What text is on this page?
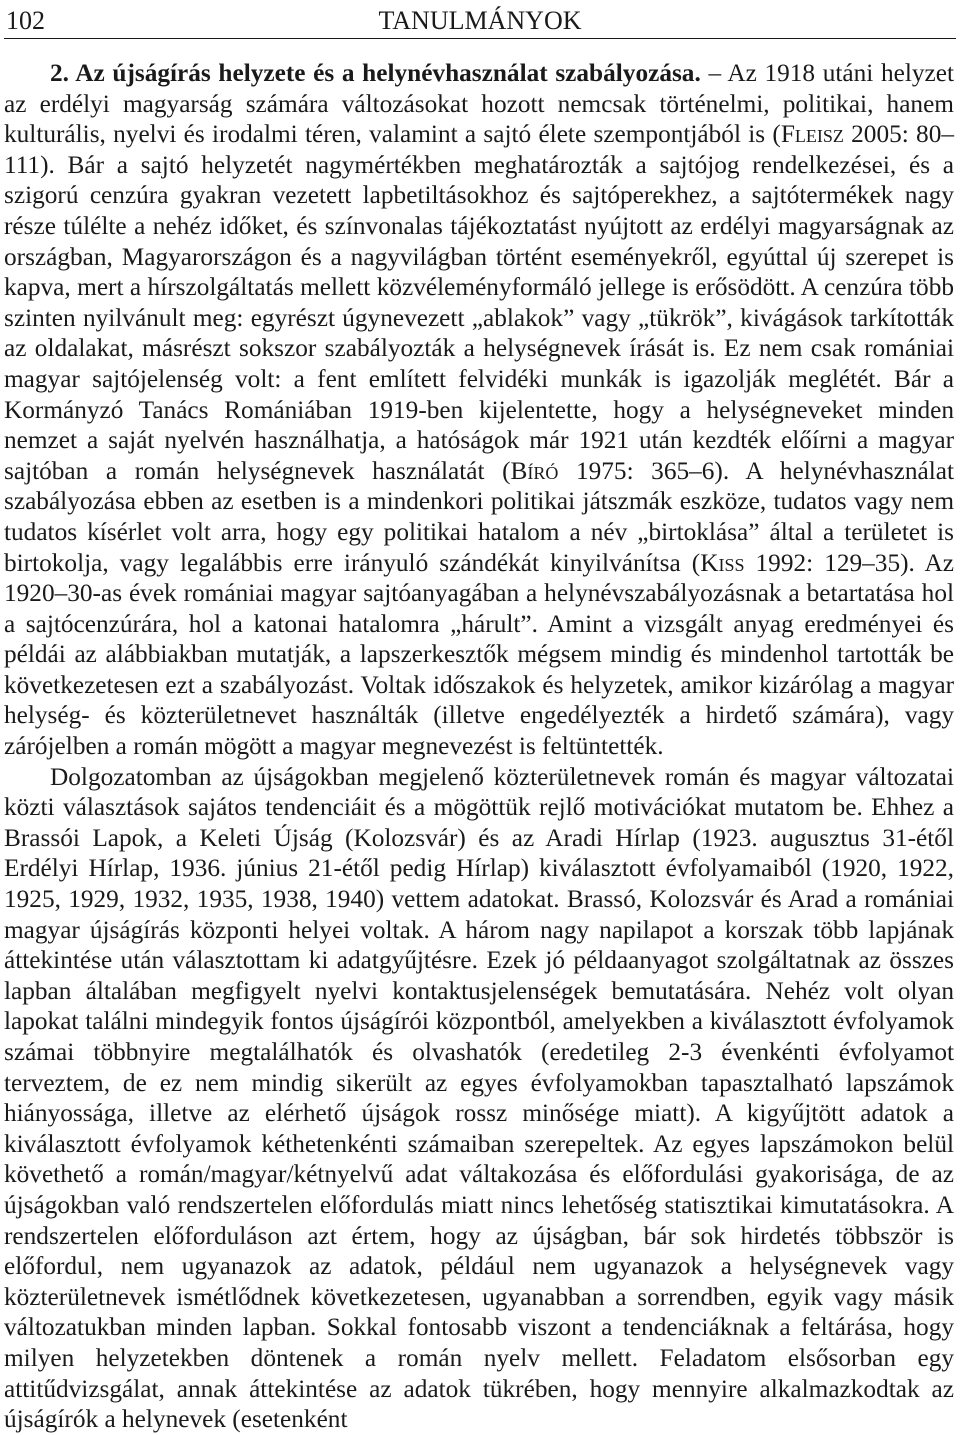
102	TANULMÁNYOK

2. Az újságírás helyzete és a helynévhasználat szabályozása. – Az 1918 utáni helyzet az erdélyi magyarság számára változásokat hozott nemcsak történelmi, politikai, hanem kulturális, nyelvi és irodalmi téren, valamint a sajtó élete szempontjából is (Fleisz 2005: 80–111). Bár a sajtó helyzetét nagymértékben meghatározták a sajtójog rendelkezései, és a szigorú cenzúra gyakran vezetett lapbetiltásokhoz és sajtóperekhez, a sajtótermékek nagy része túlélte a nehéz időket, és színvonalas tájékoztatást nyújtott az erdélyi magyarságnak az országban, Magyarországon és a nagyvilágban történt eseményekről, egyúttal új szerepet is kapva, mert a hírszolgáltatás mellett közvéleményformáló jellege is erősödött. A cenzúra több szinten nyilvánult meg: egyrészt úgynevezett „ablakok” vagy „tükrök”, kivágások tarkították az oldalakat, másrészt sokszor szabályozták a helységnevek írását is. Ez nem csak romániai magyar sajtójelenség volt: a fent említett felvidéki munkák is igazolják meglétét. Bár a Kormányzó Tanács Romániában 1919-ben kijelentette, hogy a helységneveket minden nemzet a saját nyelvén használhatja, a hatóságok már 1921 után kezdték előírni a magyar sajtóban a román helységnevek használatát (Bíró 1975: 365–6). A helynévhasználat szabályozása ebben az esetben is a mindenkori politikai játszmák eszköze, tudatos vagy nem tudatos kísérlet volt arra, hogy egy politikai hatalom a név „birtoklása” által a területet is birtokolja, vagy legalábbis erre irányuló szándékát kinyilvánítsa (Kiss 1992: 129–35). Az 1920–30-as évek romániai magyar sajtóanyagában a helynévszabályozásnak a betartatása hol a sajtócenzúrára, hol a katonai hatalomra „hárult”. Amint a vizsgált anyag eredményei és példái az alábbiakban mutatják, a lapszerkesztők mégsem mindig és mindenhol tartották be következetesen ezt a szabályozást. Voltak időszakok és helyzetek, amikor kizárólag a magyar helység- és közterületnevet használták (illetve engedélyezték a hirdető számára), vagy zárójelben a román mögött a magyar megnevezést is feltüntették.

Dolgozatomban az újságokban megjelenő közterületnevek román és magyar változatai közti választások sajátos tendenciáit és a mögöttük rejlő motivációkat mutatom be. Ehhez a Brassói Lapok, a Keleti Újság (Kolozsvár) és az Aradi Hírlap (1923. augusztus 31-étől Erdélyi Hírlap, 1936. június 21-étől pedig Hírlap) kiválasztott évfolyamaiból (1920, 1922, 1925, 1929, 1932, 1935, 1938, 1940) vettem adatokat. Brassó, Kolozsvár és Arad a romániai magyar újságírás központi helyei voltak. A három nagy napilapot a korszak több lapjának áttekintése után választottam ki adatgyűjtésre. Ezek jó példaanyagot szolgáltatnak az összes lapban általában megfigyelt nyelvi kontaktusjelenségek bemutatására. Nehéz volt olyan lapokat találni mindegyik fontos újságírói központból, amelyekben a kiválasztott évfolyamok számai többnyire megtalálhatók és olvashatók (eredetileg 2-3 évenkénti évfolyamot terveztem, de ez nem mindig sikerült az egyes évfolyamokban tapasztalható lapszámok hiányossága, illetve az elérhető újságok rossz minősége miatt). A kigyűjtött adatok a kiválasztott évfolyamok kéthetenkénti számaiban szerepeltek. Az egyes lapszámokon belül követhető a román/magyar/kétnyelvű adat váltakozása és előfordulási gyakorisága, de az újságokban való rendszertelen előfordulás miatt nincs lehetőség statisztikai kimutatásokra. A rendszertelen előforduláson azt értem, hogy az újságban, bár sok hirdetés többször is előfordul, nem ugyanazok az adatok, például nem ugyanazok a helységnevek vagy közterületnevek ismétlődnek következetesen, ugyanabban a sorrendben, egyik vagy másik változatukban minden lapban. Sokkal fontosabb viszont a tendenciáknak a feltárása, hogy milyen helyzetekben döntenek a román nyelv mellett. Feladatom elsősorban egy attitűdvizsgálat, annak áttekintése az adatok tükrében, hogy mennyire alkalmazkodtak az újságírók a helynevek (esetenként
